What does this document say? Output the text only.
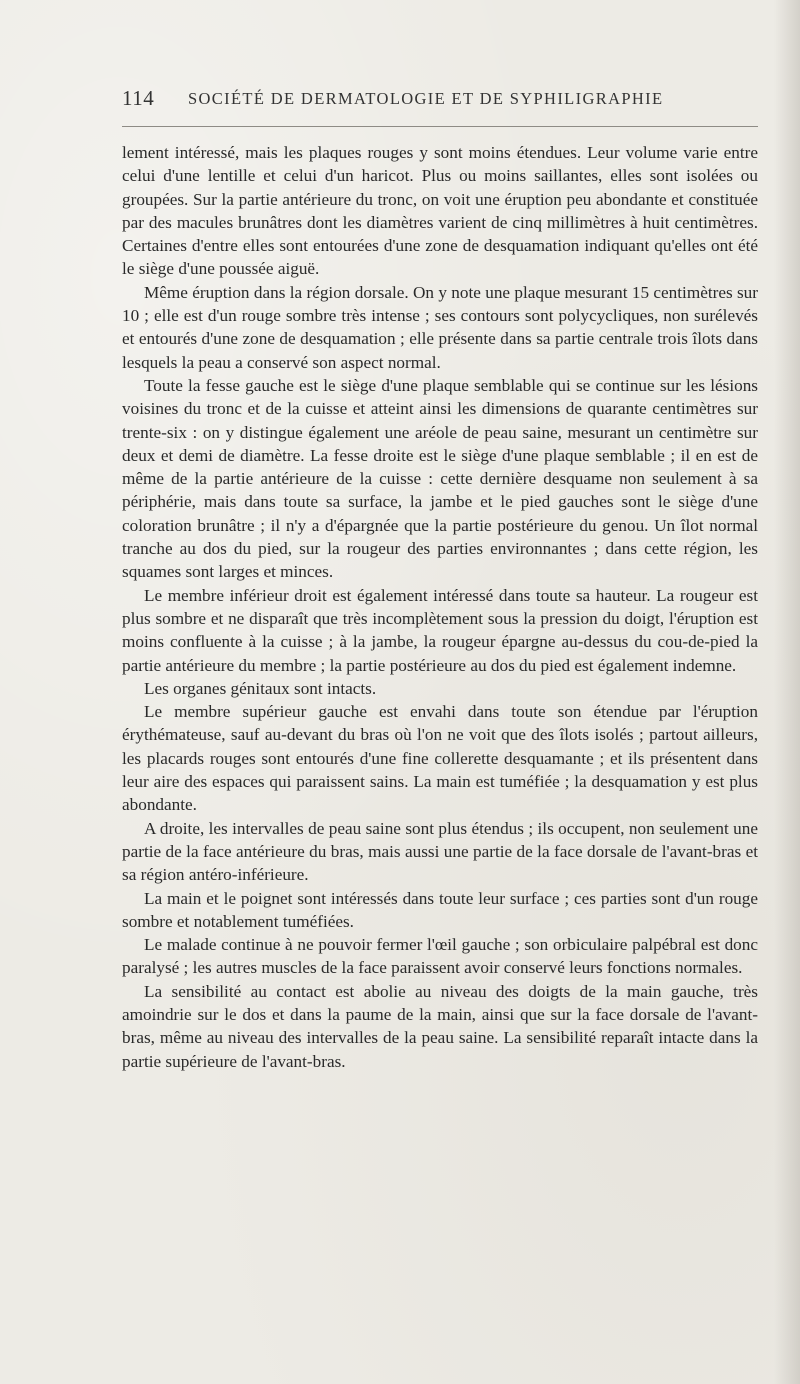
114 SOCIÉTÉ DE DERMATOLOGIE ET DE SYPHILIGRAPHIE

lement intéressé, mais les plaques rouges y sont moins étendues. Leur volume varie entre celui d'une lentille et celui d'un haricot. Plus ou moins saillantes, elles sont isolées ou groupées. Sur la partie antérieure du tronc, on voit une éruption peu abondante et constituée par des macules brunâtres dont les diamètres varient de cinq millimètres à huit centimètres. Certaines d'entre elles sont entourées d'une zone de desquamation indiquant qu'elles ont été le siège d'une poussée aiguë.

Même éruption dans la région dorsale. On y note une plaque mesurant 15 centimètres sur 10 ; elle est d'un rouge sombre très intense ; ses contours sont polycycliques, non surélevés et entourés d'une zone de desquamation ; elle présente dans sa partie centrale trois îlots dans lesquels la peau a conservé son aspect normal.

Toute la fesse gauche est le siège d'une plaque semblable qui se continue sur les lésions voisines du tronc et de la cuisse et atteint ainsi les dimensions de quarante centimètres sur trente-six : on y distingue également une aréole de peau saine, mesurant un centimètre sur deux et demi de diamètre. La fesse droite est le siège d'une plaque semblable ; il en est de même de la partie antérieure de la cuisse : cette dernière desquame non seulement à sa périphérie, mais dans toute sa surface, la jambe et le pied gauches sont le siège d'une coloration brunâtre ; il n'y a d'épargnée que la partie postérieure du genou. Un îlot normal tranche au dos du pied, sur la rougeur des parties environnantes ; dans cette région, les squames sont larges et minces.

Le membre inférieur droit est également intéressé dans toute sa hauteur. La rougeur est plus sombre et ne disparaît que très incomplètement sous la pression du doigt, l'éruption est moins confluente à la cuisse ; à la jambe, la rougeur épargne au-dessus du cou-de-pied la partie antérieure du membre ; la partie postérieure au dos du pied est également indemne.

Les organes génitaux sont intacts.

Le membre supérieur gauche est envahi dans toute son étendue par l'éruption érythémateuse, sauf au-devant du bras où l'on ne voit que des îlots isolés ; partout ailleurs, les placards rouges sont entourés d'une fine collerette desquamante ; et ils présentent dans leur aire des espaces qui paraissent sains. La main est tuméfiée ; la desquamation y est plus abondante.

A droite, les intervalles de peau saine sont plus étendus ; ils occupent, non seulement une partie de la face antérieure du bras, mais aussi une partie de la face dorsale de l'avant-bras et sa région antéro-inférieure.

La main et le poignet sont intéressés dans toute leur surface ; ces parties sont d'un rouge sombre et notablement tuméfiées.

Le malade continue à ne pouvoir fermer l'œil gauche ; son orbiculaire palpébral est donc paralysé ; les autres muscles de la face paraissent avoir conservé leurs fonctions normales.

La sensibilité au contact est abolie au niveau des doigts de la main gauche, très amoindrie sur le dos et dans la paume de la main, ainsi que sur la face dorsale de l'avant-bras, même au niveau des intervalles de la peau saine. La sensibilité reparaît intacte dans la partie supérieure de l'avant-bras.
